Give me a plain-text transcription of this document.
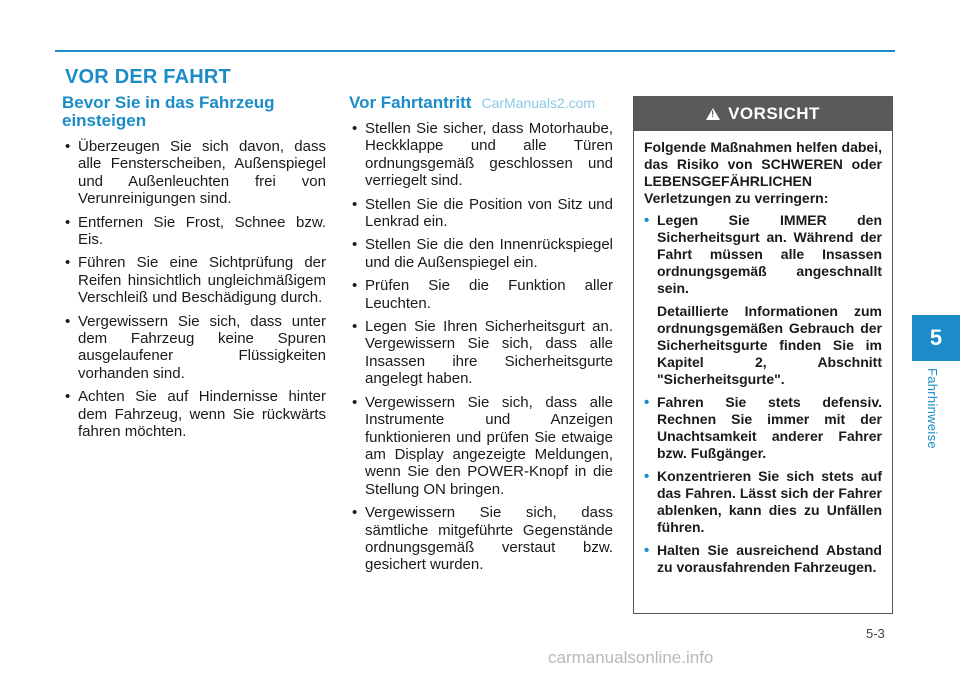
VOR DER FAHRT
Bevor Sie in das Fahrzeug einsteigen
• Überzeugen Sie sich davon, dass alle Fensterscheiben, Außenspiegel und Außenleuchten frei von Verunreinigungen sind.
• Entfernen Sie Frost, Schnee bzw. Eis.
• Führen Sie eine Sichtprüfung der Reifen hinsichtlich ungleichmäßigem Verschleiß und Beschädigung durch.
• Vergewissern Sie sich, dass unter dem Fahrzeug keine Spuren ausgelaufener Flüssigkeiten vorhanden sind.
• Achten Sie auf Hindernisse hinter dem Fahrzeug, wenn Sie rückwärts fahren möchten.
Vor Fahrtantritt CarManuals2.com
• Stellen Sie sicher, dass Motorhaube, Heckklappe und alle Türen ordnungsgemäß geschlossen und verriegelt sind.
• Stellen Sie die Position von Sitz und Lenkrad ein.
• Stellen Sie die den Innenrückspiegel und die Außenspiegel ein.
• Prüfen Sie die Funktion aller Leuchten.
• Legen Sie Ihren Sicherheitsgurt an. Vergewissern Sie sich, dass alle Insassen ihre Sicherheitsgurte angelegt haben.
• Vergewissern Sie sich, dass alle Instrumente und Anzeigen funktionieren und prüfen Sie etwaige am Display angezeigte Meldungen, wenn Sie den POWER-Knopf in die Stellung ON bringen.
• Vergewissern Sie sich, dass sämtliche mitgeführte Gegenstände ordnungsgemäß verstaut bzw. gesichert wurden.
!
VORSICHT

Folgende Maßnahmen helfen dabei, das Risiko von SCHWEREN oder LEBENSGEFÄHRLICHEN Verletzungen zu verringern:

• Legen Sie IMMER den Sicherheitsgurt an. Während der Fahrt müssen alle Insassen ordnungsgemäß angeschnallt sein.

Detaillierte Informationen zum ordnungsgemäßen Gebrauch der Sicherheitsgurte finden Sie im Kapitel 2, Abschnitt "Sicherheitsgurte".

• Fahren Sie stets defensiv. Rechnen Sie immer mit der Unachtsamkeit anderer Fahrer bzw. Fußgänger.
• Konzentrieren Sie sich stets auf das Fahren. Lässt sich der Fahrer ablenken, kann dies zu Unfällen führen.
• Halten Sie ausreichend Abstand zu vorausfahrenden Fahrzeugen.
5
Fahrhinweise
5-3
carmanualsonline.info
